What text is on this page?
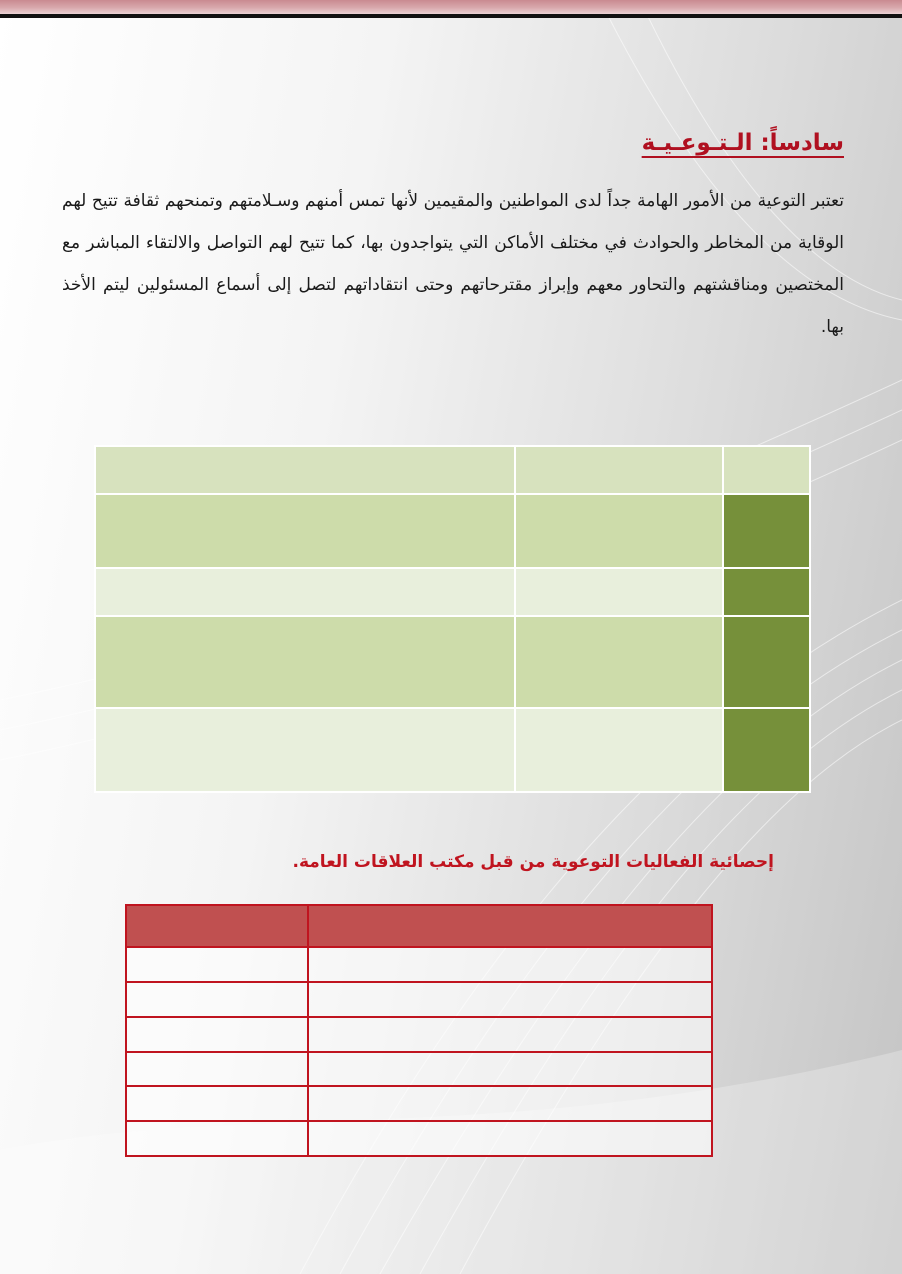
سادساً: الـتـوعـيـة

تعتبر التوعية من الأمور الهامة جداً لدى المواطنين والمقيمين لأنها تمس أمنهم وسـلامتهم وتمنحهم ثقافة تتيح لهم الوقاية من المخاطر والحوادث في مختلف الأماكن التي يتواجدون بها، كما تتيح لهم التواصل والالتقاء المباشر مع المختصين ومناقشتهم والتحاور معهم وإبراز مقترحاتهم وحتى انتقاداتهم لتصل إلى أسماع المسئولين ليتم الأخذ بها.

إحصائية الفعاليات التوعوية من قبل مكتب العلاقات العامة.
